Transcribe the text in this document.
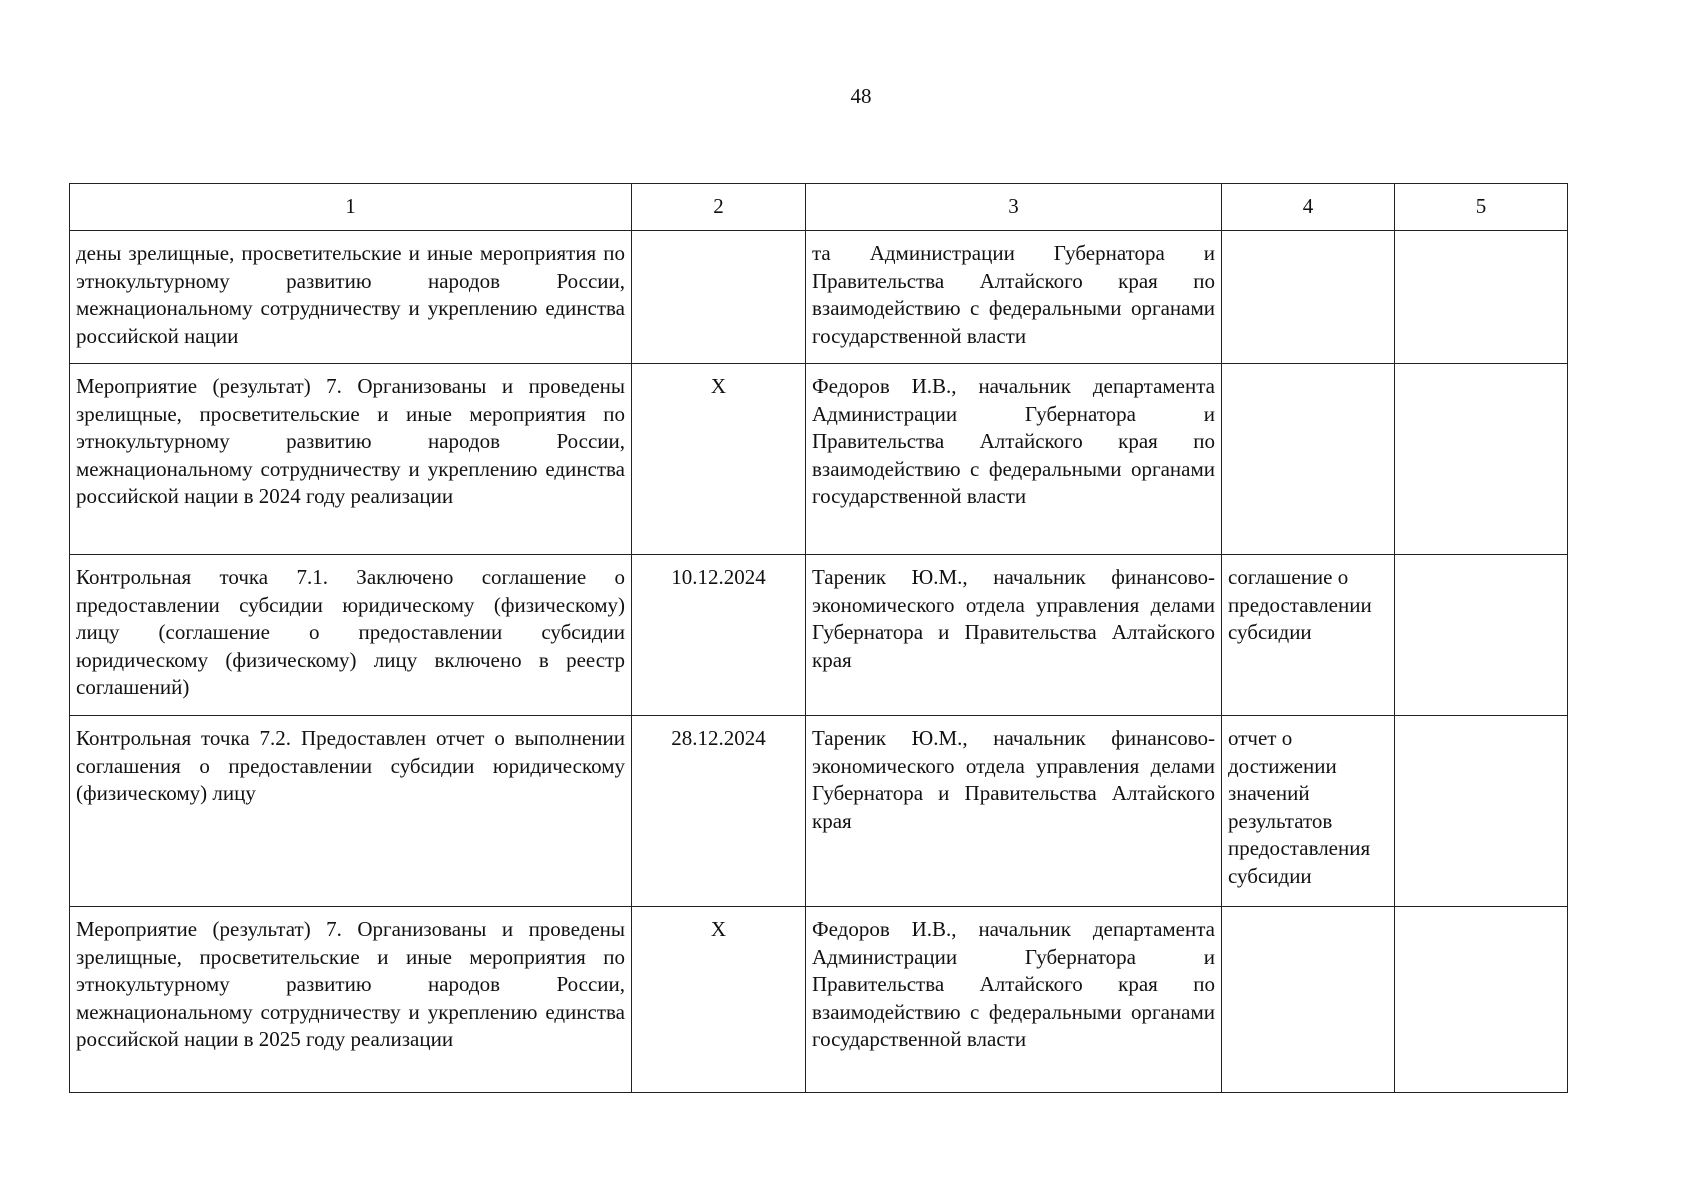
48
1	2	3	4	5
дены зрелищные, просветительские и иные мероприятия по этнокультурному развитию народов России, межнациональному сотрудничеству и укреплению единства российской нации		та Администрации Губернатора и Правительства Алтайского края по взаимодействию с федеральными органами государственной власти		
Мероприятие (результат) 7. Организованы и проведены зрелищные, просветительские и иные мероприятия по этнокультурному развитию народов России, межнациональному сотрудничеству и укреплению единства российской нации в 2024 году реализации	Х	Федоров И.В., начальник департамента Администрации Губернатора и Правительства Алтайского края по взаимодействию с федеральными органами государственной власти		
Контрольная точка 7.1. Заключено соглашение о предоставлении субсидии юридическому (физическому) лицу (соглашение о предоставлении субсидии юридическому (физическому) лицу включено в реестр соглашений)	10.12.2024	Тареник Ю.М., начальник финансово-экономического отдела управления делами Губернатора и Правительства Алтайского края	соглашение о предоставлении субсидии	
Контрольная точка 7.2. Предоставлен отчет о выполнении соглашения о предоставлении субсидии юридическому (физическому) лицу	28.12.2024	Тареник Ю.М., начальник финансово-экономического отдела управления делами Губернатора и Правительства Алтайского края	отчет о достижении значений результатов предоставления субсидии	
Мероприятие (результат) 7. Организованы и проведены зрелищные, просветительские и иные мероприятия по этнокультурному развитию народов России, межнациональному сотрудничеству и укреплению единства российской нации в 2025 году реализации	Х	Федоров И.В., начальник департамента Администрации Губернатора и Правительства Алтайского края по взаимодействию с федеральными органами государственной власти		
